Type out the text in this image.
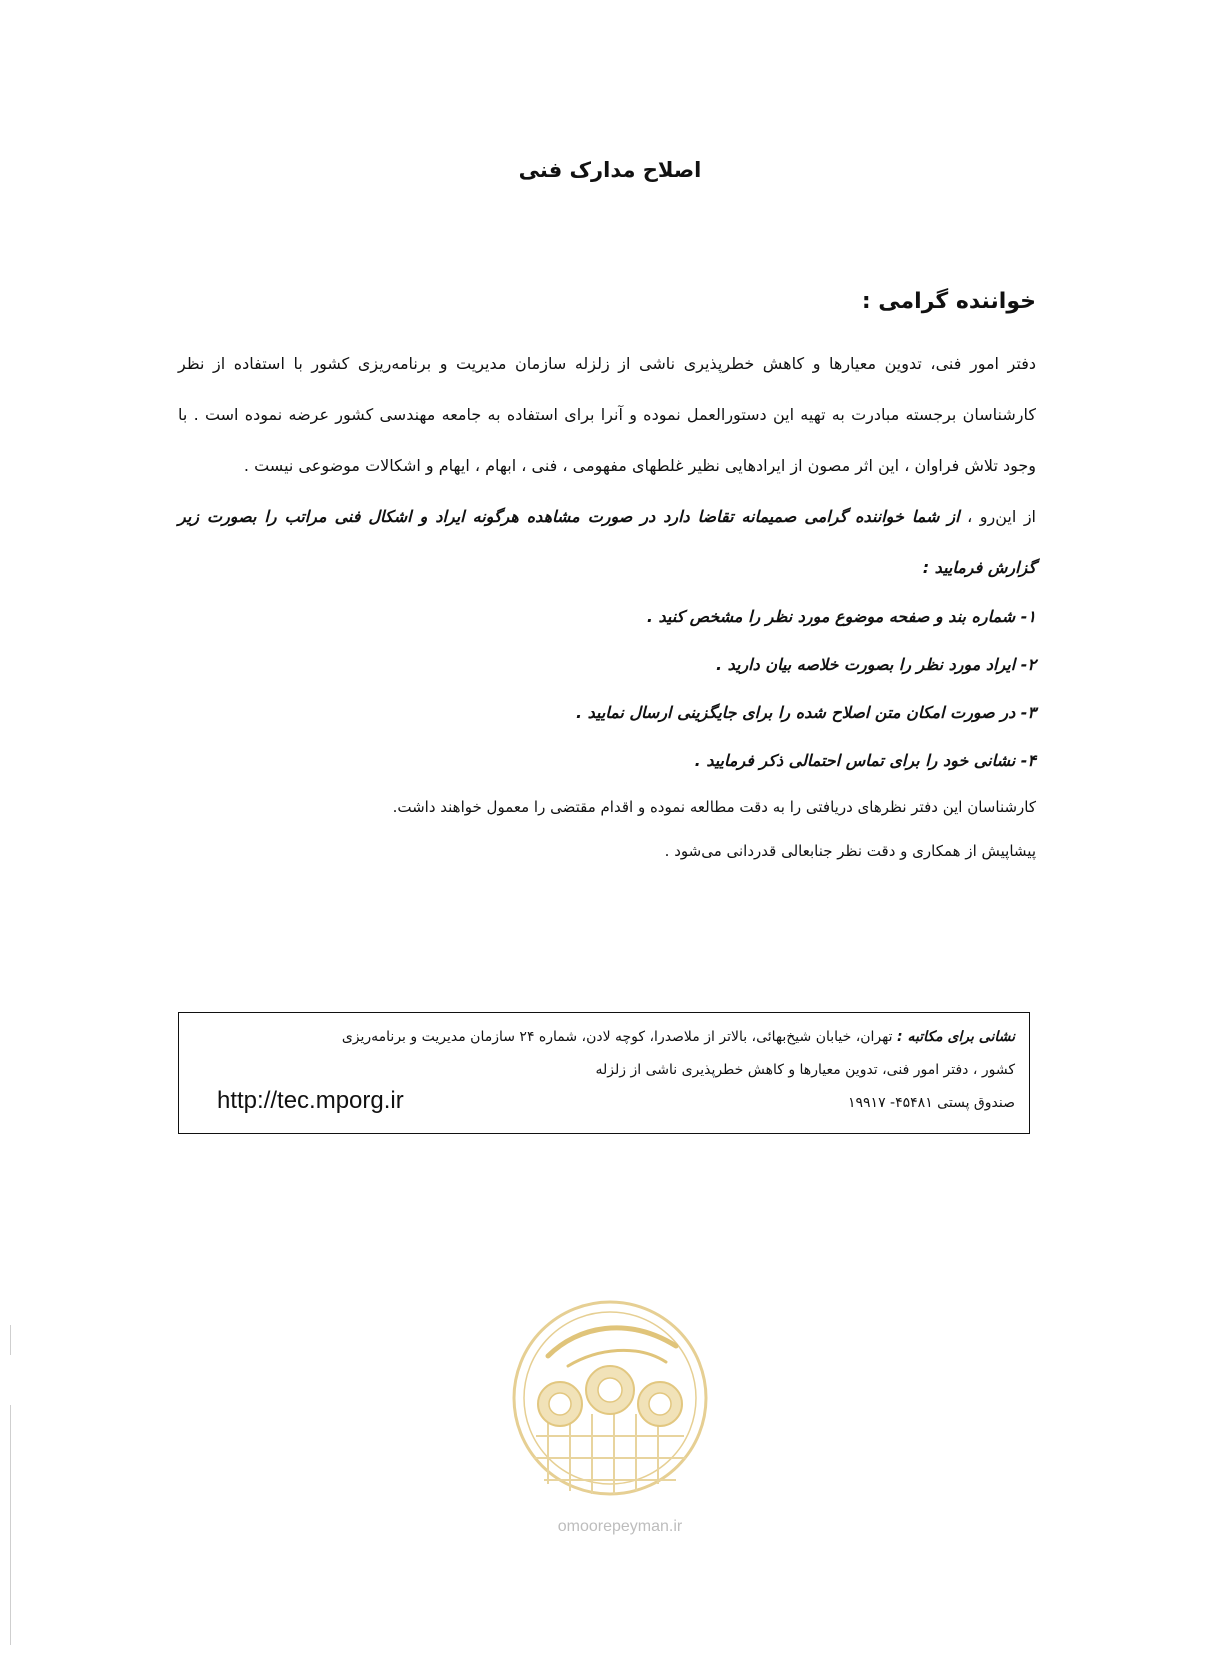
اصلاح مدارک فنی

خواننده گرامی :

دفتر امور فنی، تدوین معیارها و کاهش خطرپذیری ناشی از زلزله سازمان مدیریت و برنامه‌ریزی کشور با استفاده از نظر کارشناسان برجسته مبادرت به تهیه این دستورالعمل نموده و آنرا برای استفاده به جامعه مهندسی کشور عرضه نموده است . با وجود تلاش فراوان ، این اثر مصون از ایرادهایی نظیر غلطهای مفهومی ، فنی ، ابهام ، ایهام و اشکالات موضوعی نیست .

از این‌رو ، از شما خواننده گرامی صمیمانه تقاضا دارد در صورت مشاهده هرگونه ایراد و اشکال فنی مراتب را بصورت زیر گزارش فرمایید :

۱- شماره بند و صفحه موضوع مورد نظر را مشخص کنید .
۲- ایراد مورد نظر را بصورت خلاصه بیان دارید .
۳- در صورت امکان متن اصلاح شده را برای جایگزینی ارسال نمایید .
۴- نشانی خود را برای تماس احتمالی ذکر فرمایید .

کارشناسان این دفتر نظرهای دریافتی را به دقت مطالعه نموده و اقدام مقتضی را معمول خواهند داشت.

پیشاپیش از همکاری و دقت نظر جنابعالی قدردانی می‌شود .

نشانی برای مکاتبه : تهران، خیابان شیخ‌بهائی، بالاتر از ملاصدرا، کوچه لادن، شماره ۲۴ سازمان مدیریت و برنامه‌ریزی

کشور ، دفتر امور فنی، تدوین معیارها و کاهش خطرپذیری ناشی از زلزله

صندوق پستی ۴۵۴۸۱- ۱۹۹۱۷

http://tec.mporg.ir
omoorepeyman.ir
